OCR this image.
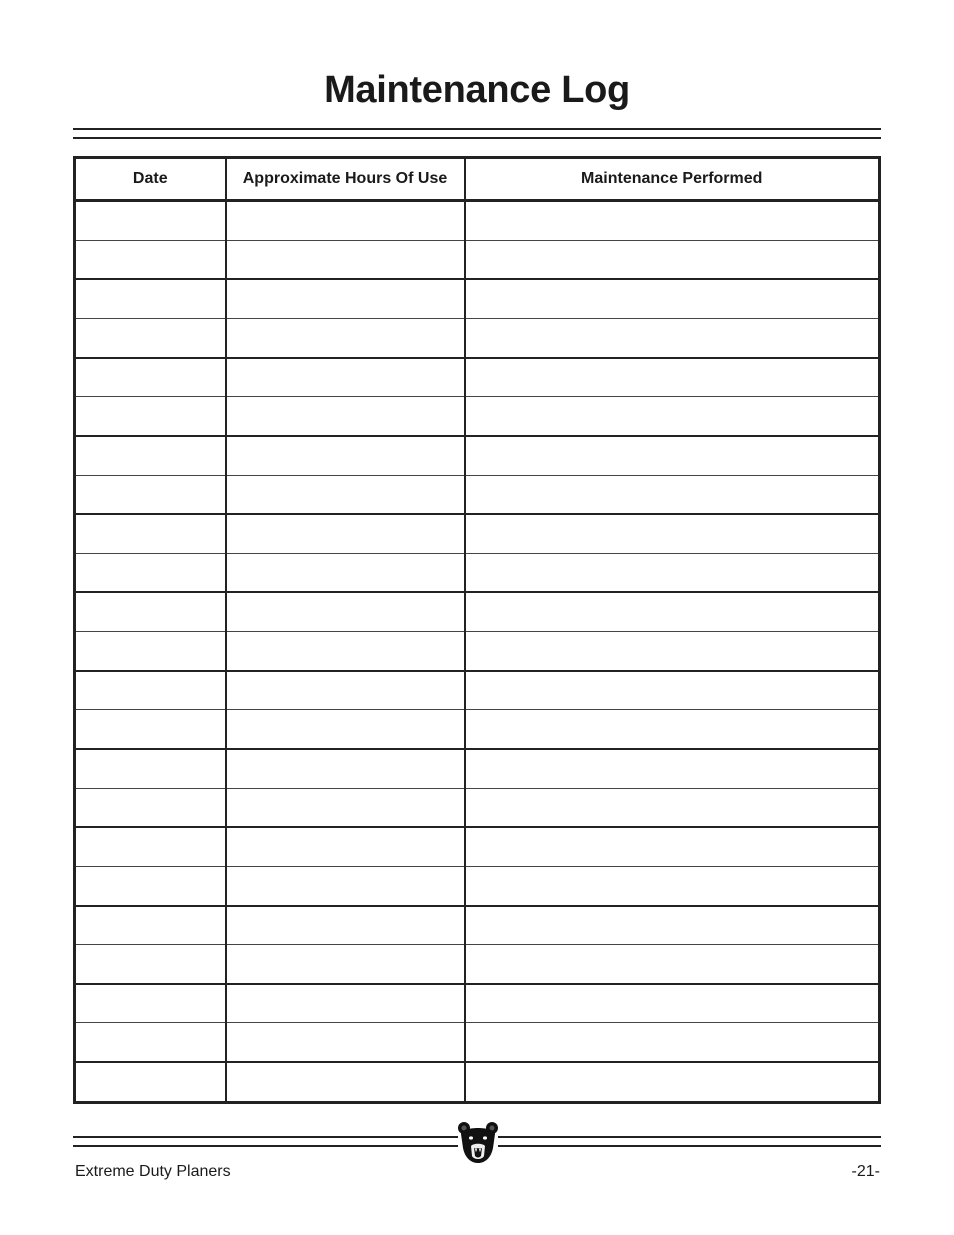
Maintenance Log
Date	Approximate Hours Of Use	Maintenance Performed

Extreme Duty Planers	-21-
